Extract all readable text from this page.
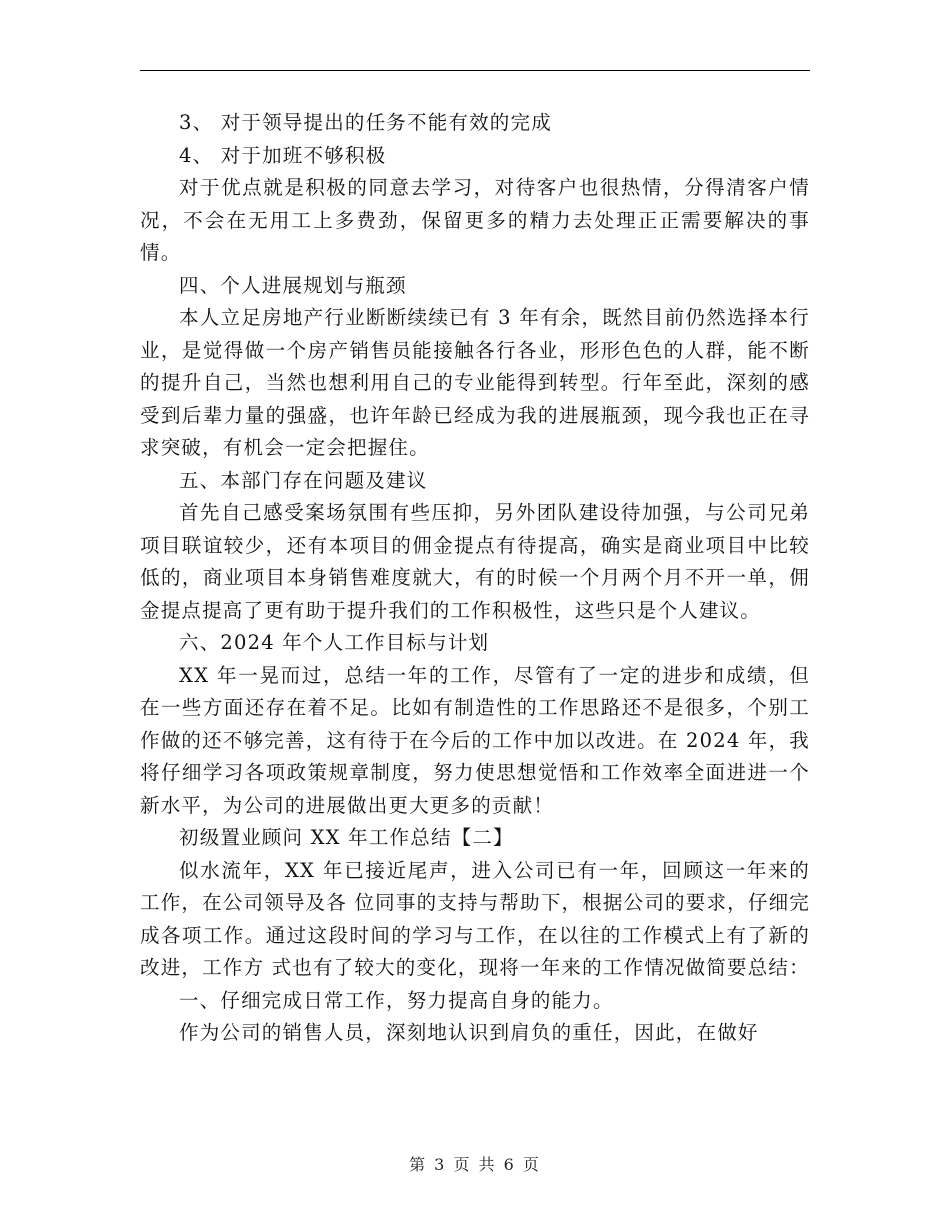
3、 对于领导提出的任务不能有效的完成

4、 对于加班不够积极

对于优点就是积极的同意去学习，对待客户也很热情，分得清客户情况，不会在无用工上多费劲，保留更多的精力去处理正正需要解决的事情。

四、个人进展规划与瓶颈

本人立足房地产行业断断续续已有 3 年有余，既然目前仍然选择本行业，是觉得做一个房产销售员能接触各行各业，形形色色的人群，能不断的提升自己，当然也想利用自己的专业能得到转型。行年至此，深刻的感受到后辈力量的强盛，也许年龄已经成为我的进展瓶颈，现今我也正在寻求突破，有机会一定会把握住。

五、本部门存在问题及建议

首先自己感受案场氛围有些压抑，另外团队建设待加强，与公司兄弟项目联谊较少，还有本项目的佣金提点有待提高，确实是商业项目中比较低的，商业项目本身销售难度就大，有的时候一个月两个月不开一单，佣金提点提高了更有助于提升我们的工作积极性，这些只是个人建议。

六、2024 年个人工作目标与计划

XX 年一晃而过，总结一年的工作，尽管有了一定的进步和成绩，但在一些方面还存在着不足。比如有制造性的工作思路还不是很多，个别工作做的还不够完善，这有待于在今后的工作中加以改进。在 2024 年，我将仔细学习各项政策规章制度，努力使思想觉悟和工作效率全面进进一个新水平，为公司的进展做出更大更多的贡献！

初级置业顾问 XX 年工作总结【二】

似水流年，XX 年已接近尾声，进入公司已有一年，回顾这一年来的工作，在公司领导及各 位同事的支持与帮助下，根据公司的要求，仔细完成各项工作。通过这段时间的学习与工作，在以往的工作模式上有了新的改进，工作方 式也有了较大的变化，现将一年来的工作情况做简要总结：

一、仔细完成日常工作，努力提高自身的能力。

作为公司的销售人员，深刻地认识到肩负的重任，因此，在做好

第 3 页 共 6 页
